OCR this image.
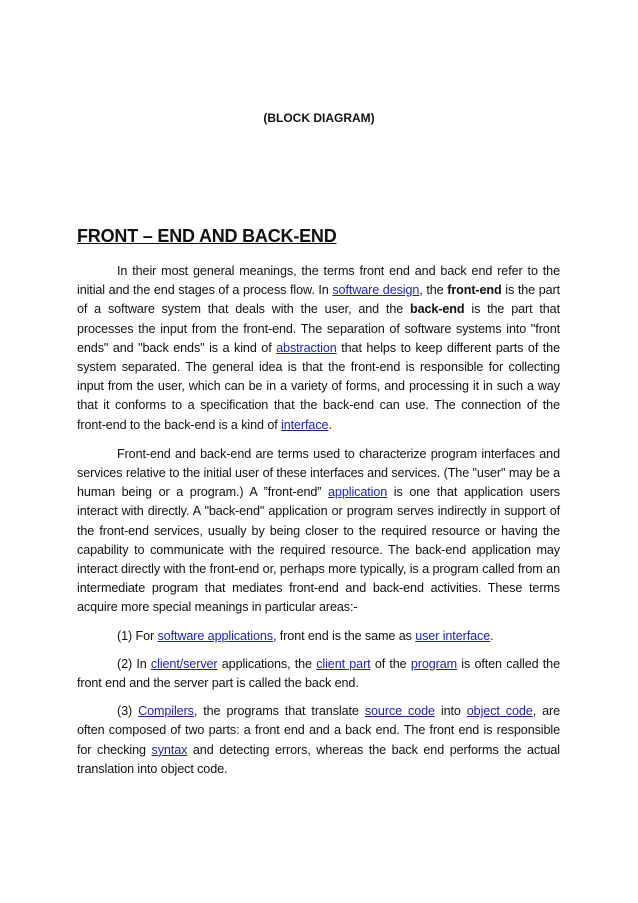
(BLOCK DIAGRAM)

FRONT – END AND BACK-END

In their most general meanings, the terms front end and back end refer to the initial and the end stages of a process flow. In software design, the front-end is the part of a software system that deals with the user, and the back-end is the part that processes the input from the front-end. The separation of software systems into "front ends" and "back ends" is a kind of abstraction that helps to keep different parts of the system separated. The general idea is that the front-end is responsible for collecting input from the user, which can be in a variety of forms, and processing it in such a way that it conforms to a specification that the back-end can use. The connection of the front-end to the back-end is a kind of interface.

Front-end and back-end are terms used to characterize program interfaces and services relative to the initial user of these interfaces and services. (The "user" may be a human being or a program.) A ”front-end” application is one that application users interact with directly. A "back-end" application or program serves indirectly in support of the front-end services, usually by being closer to the required resource or having the capability to communicate with the required resource. The back-end application may interact directly with the front-end or, perhaps more typically, is a program called from an intermediate program that mediates front-end and back-end activities. These terms acquire more special meanings in particular areas:-

(1) For software applications, front end is the same as user interface.

(2) In client/server applications, the client part of the program is often called the front end and the server part is called the back end.

(3) Compilers, the programs that translate source code into object code, are often composed of two parts: a front end and a back end. The front end is responsible for checking syntax and detecting errors, whereas the back end performs the actual translation into object code.
